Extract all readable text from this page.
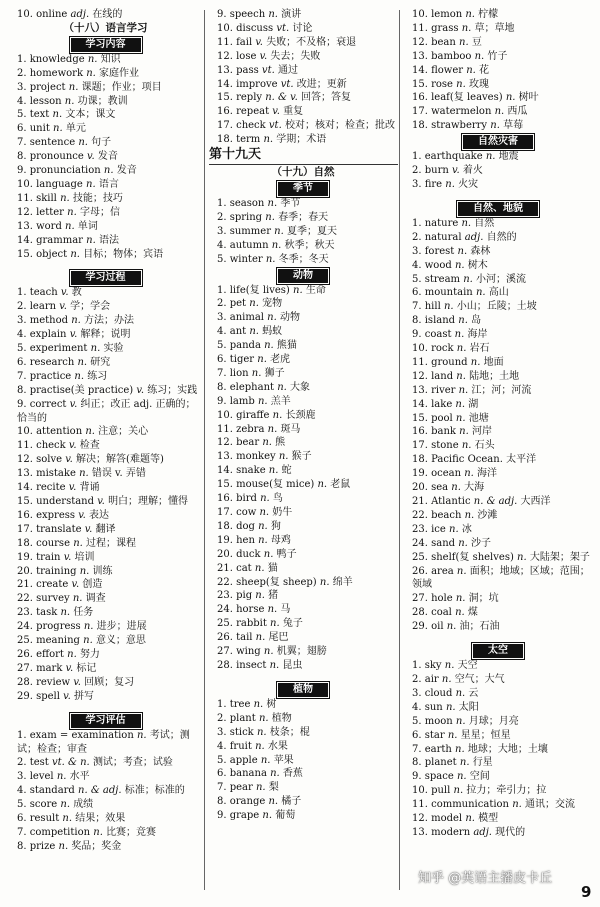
10. online adj. 在线的
（十八）语言学习
学习内容
1. knowledge n. 知识
2. homework n. 家庭作业
3. project n. 课题；作业；项目
4. lesson n. 功课；教训
5. text n. 文本；课文
6. unit n. 单元
7. sentence n. 句子
8. pronounce v. 发音
9. pronunciation n. 发音
10. language n. 语言
11. skill n. 技能；技巧
12. letter n. 字母；信
13. word n. 单词
14. grammar n. 语法
15. object n. 目标；物体；宾语
学习过程
1. teach v. 教
2. learn v. 学；学会
3. method n. 方法；办法
4. explain v. 解释；说明
5. experiment n. 实验
6. research n. 研究
7. practice n. 练习
8. practise(美 practice) v. 练习；实践
9. correct v. 纠正；改正 adj. 正确的；恰当的
10. attention n. 注意；关心
11. check v. 检查
12. solve v. 解决；解答(难题等)
13. mistake n. 错误 v. 弄错
14. recite v. 背诵
15. understand v. 明白；理解；懂得
16. express v. 表达
17. translate v. 翻译
18. course n. 过程；课程
19. train v. 培训
20. training n. 训练
21. create v. 创造
22. survey n. 调查
23. task n. 任务
24. progress n. 进步；进展
25. meaning n. 意义；意思
26. effort n. 努力
27. mark v. 标记
28. review v. 回顾；复习
29. spell v. 拼写
学习评估
1. exam = examination n. 考试；测试；检查；审查
2. test vt. & n. 测试；考查；试验
3. level n. 水平
4. standard n. & adj. 标准；标准的
5. score n. 成绩
6. result n. 结果；效果
7. competition n. 比赛；竞赛
8. prize n. 奖品；奖金
9. speech n. 演讲
10. discuss vt. 讨论
11. fail v. 失败；不及格；衰退
12. lose v. 失去；失败
13. pass vt. 通过
14. improve vt. 改进；更新
15. reply n. & v. 回答；答复
16. repeat v. 重复
17. check vt. 校对；核对；检查；批改
18. term n. 学期；术语
第十九天
（十九）自然
季节
1. season n. 季节
2. spring n. 春季；春天
3. summer n. 夏季；夏天
4. autumn n. 秋季；秋天
5. winter n. 冬季；冬天
动物
1. life(复 lives) n. 生命
2. pet n. 宠物
3. animal n. 动物
4. ant n. 蚂蚁
5. panda n. 熊猫
6. tiger n. 老虎
7. lion n. 狮子
8. elephant n. 大象
9. lamb n. 羔羊
10. giraffe n. 长颈鹿
11. zebra n. 斑马
12. bear n. 熊
13. monkey n. 猴子
14. snake n. 蛇
15. mouse(复 mice) n. 老鼠
16. bird n. 鸟
17. cow n. 奶牛
18. dog n. 狗
19. hen n. 母鸡
20. duck n. 鸭子
21. cat n. 猫
22. sheep(复 sheep) n. 绵羊
23. pig n. 猪
24. horse n. 马
25. rabbit n. 兔子
26. tail n. 尾巴
27. wing n. 机翼；翅膀
28. insect n. 昆虫
植物
1. tree n. 树
2. plant n. 植物
3. stick n. 枝条；棍
4. fruit n. 水果
5. apple n. 苹果
6. banana n. 香蕉
7. pear n. 梨
8. orange n. 橘子
9. grape n. 葡萄
10. lemon n. 柠檬
11. grass n. 草；草地
12. bean n. 豆
13. bamboo n. 竹子
14. flower n. 花
15. rose n. 玫瑰
16. leaf(复 leaves) n. 树叶
17. watermelon n. 西瓜
18. strawberry n. 草莓
自然灾害
1. earthquake n. 地震
2. burn v. 着火
3. fire n. 火灾
自然、地貌
1. nature n. 自然
2. natural adj. 自然的
3. forest n. 森林
4. wood n. 树木
5. stream n. 小河；溪流
6. mountain n. 高山
7. hill n. 小山；丘陵；土坡
8. island n. 岛
9. coast n. 海岸
10. rock n. 岩石
11. ground n. 地面
12. land n. 陆地；土地
13. river n. 江；河；河流
14. lake n. 湖
15. pool n. 池塘
16. bank n. 河岸
17. stone n. 石头
18. Pacific Ocean. 太平洋
19. ocean n. 海洋
20. sea n. 大海
21. Atlantic n. & adj. 大西洋
22. beach n. 沙滩
23. ice n. 冰
24. sand n. 沙子
25. shelf(复 shelves) n. 大陆架；架子
26. area n. 面积；地域；区域；范围；领域
27. hole n. 洞；坑
28. coal n. 煤
29. oil n. 油；石油
太空
1. sky n. 天空
2. air n. 空气；大气
3. cloud n. 云
4. sun n. 太阳
5. moon n. 月球；月亮
6. star n. 星星；恒星
7. earth n. 地球；大地；土壤
8. planet n. 行星
9. space n. 空间
10. pull n. 拉力；牵引力；拉
11. communication n. 通讯；交流
12. model n. 模型
13. modern adj. 现代的
知乎 @英语主播皮卡丘
9
